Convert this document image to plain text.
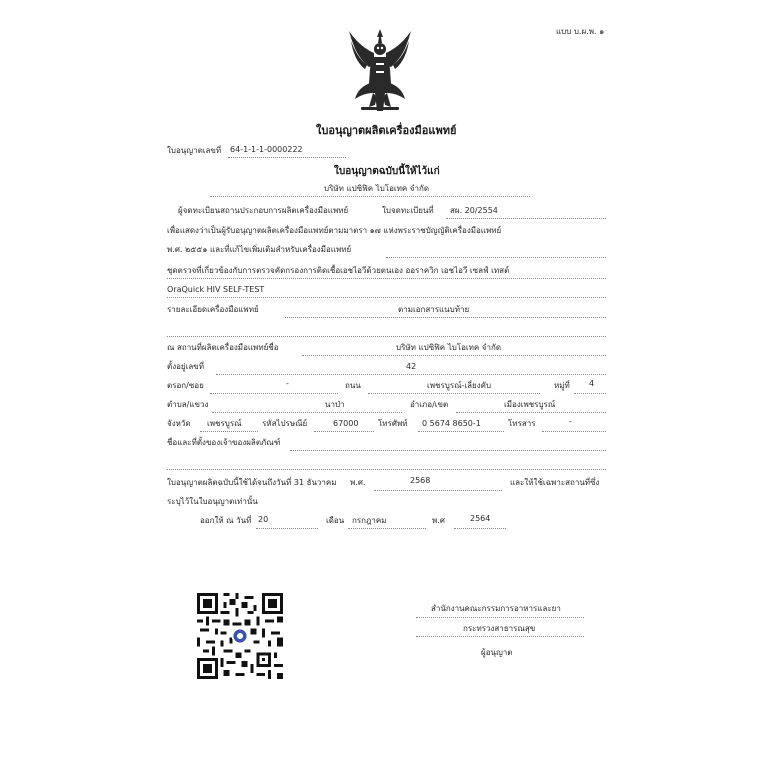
แบบ บ.ผ.พ. ๑
ใบอนุญาตผลิตเครื่องมือแพทย์
ใบอนุญาตเลขที่ 64-1-1-1-0000222
ใบอนุญาตฉบับนี้ให้ไว้แก่
บริษัท แปซิฟิค ไบโอเทค จำกัด
ผู้จดทะเบียนสถานประกอบการผลิตเครื่องมือแพทย์	ใบจดทะเบียนที่ สผ. 20/2554
เพื่อแสดงว่าเป็นผู้รับอนุญาตผลิตเครื่องมือแพทย์ตามมาตรา ๑๗ แห่งพระราชบัญญัติเครื่องมือแพทย์
พ.ศ. ๒๕๕๑ และที่แก้ไขเพิ่มเติมสำหรับเครื่องมือแพทย์
ชุดตรวจที่เกี่ยวข้องกับการตรวจคัดกรองการติดเชื้อเอชไอวีด้วยตนเอง ออราควิก เอชไอวี เซลฟ์ เทสต์
OraQuick HIV SELF-TEST
รายละเอียดเครื่องมือแพทย์	ตามเอกสารแนบท้าย
ณ สถานที่ผลิตเครื่องมือแพทย์ชื่อ	บริษัท แปซิฟิค ไบโอเทค จำกัด
ตั้งอยู่เลขที่	42
ตรอก/ซอย	-	ถนน	เพชรบูรณ์-เลี่ยงคับ	หมู่ที่ 4
ตำบล/แขวง	นาป่า	อำเภอ/เขต	เมืองเพชรบูรณ์
จังหวัด เพชรบูรณ์	รหัสไปรษณีย์	67000 โทรศัพท์ 0 5674 8650-1	โทรสาร	-
ชื่อและที่ตั้งของเจ้าของผลิตภัณฑ์
ใบอนุญาตผลิตฉบับนี้ใช้ได้จนถึงวันที่ 31 ธันวาคม พ.ศ.	2568	และให้ใช้เฉพาะสถานที่ซึ่ง
ระบุไว้ในใบอนุญาตเท่านั้น
ออกให้ ณ วันที่ 20	เดือน กรกฎาคม	พ.ศ	2564
สำนักงานคณะกรรมการอาหารและยา
กระทรวงสาธารณสุข
ผู้อนุญาต
